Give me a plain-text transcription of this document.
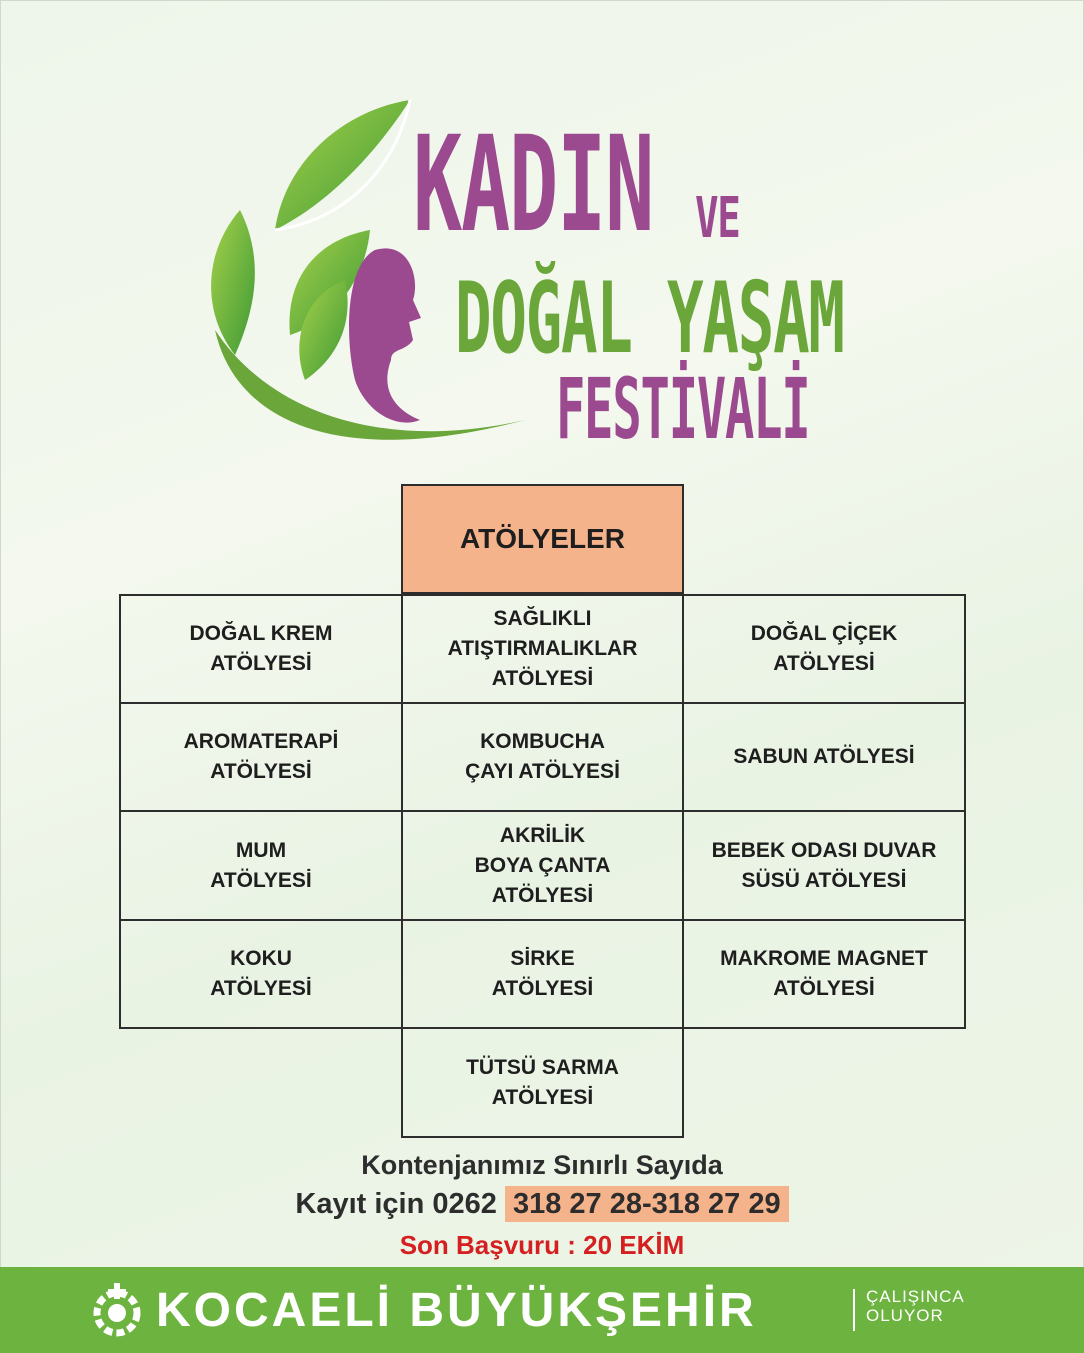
KADIN VE
DOĞAL YAŞAM
FESTİVALİ
ATÖLYELER
DOĞAL KREM
ATÖLYESİ
SAĞLIKLI
ATIŞTIRMALIKLAR
ATÖLYESİ
DOĞAL ÇİÇEK
ATÖLYESİ
AROMATERAPİ
ATÖLYESİ
KOMBUCHA
ÇAYI ATÖLYESİ
SABUN ATÖLYESİ
MUM
ATÖLYESİ
AKRİLİK
BOYA ÇANTA
ATÖLYESİ
BEBEK ODASI DUVAR
SÜSÜ ATÖLYESİ
KOKU
ATÖLYESİ
SİRKE
ATÖLYESİ
MAKROME MAGNET
ATÖLYESİ
TÜTSÜ SARMA
ATÖLYESİ
Kontenjanımız Sınırlı Sayıda
Kayıt için 0262 318 27 28-318 27 29
Son Başvuru : 20 EKİM
KOCAELİ BÜYÜKŞEHİR	ÇALIŞINCA
OLUYOR
